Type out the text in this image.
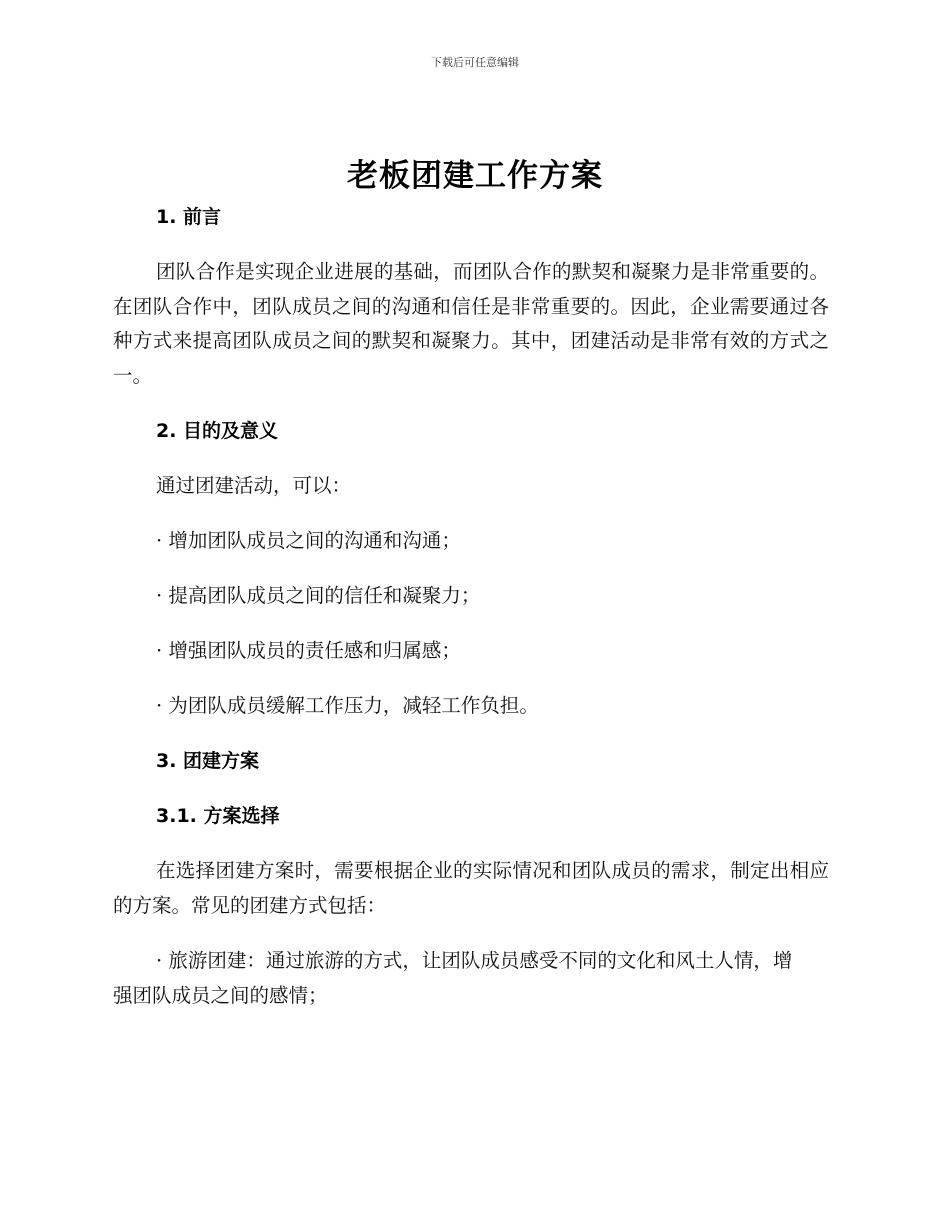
下载后可任意编辑
老板团建工作方案

1. 前言

团队合作是实现企业进展的基础，而团队合作的默契和凝聚力是非常重要的。在团队合作中，团队成员之间的沟通和信任是非常重要的。因此，企业需要通过各种方式来提高团队成员之间的默契和凝聚力。其中，团建活动是非常有效的方式之一。

2. 目的及意义

通过团建活动，可以：

· 增加团队成员之间的沟通和沟通；

· 提高团队成员之间的信任和凝聚力；

· 增强团队成员的责任感和归属感；

· 为团队成员缓解工作压力，减轻工作负担。

3. 团建方案

3.1. 方案选择

在选择团建方案时，需要根据企业的实际情况和团队成员的需求，制定出相应的方案。常见的团建方式包括：

· 旅游团建：通过旅游的方式，让团队成员感受不同的文化和风土人情，增强团队成员之间的感情；
